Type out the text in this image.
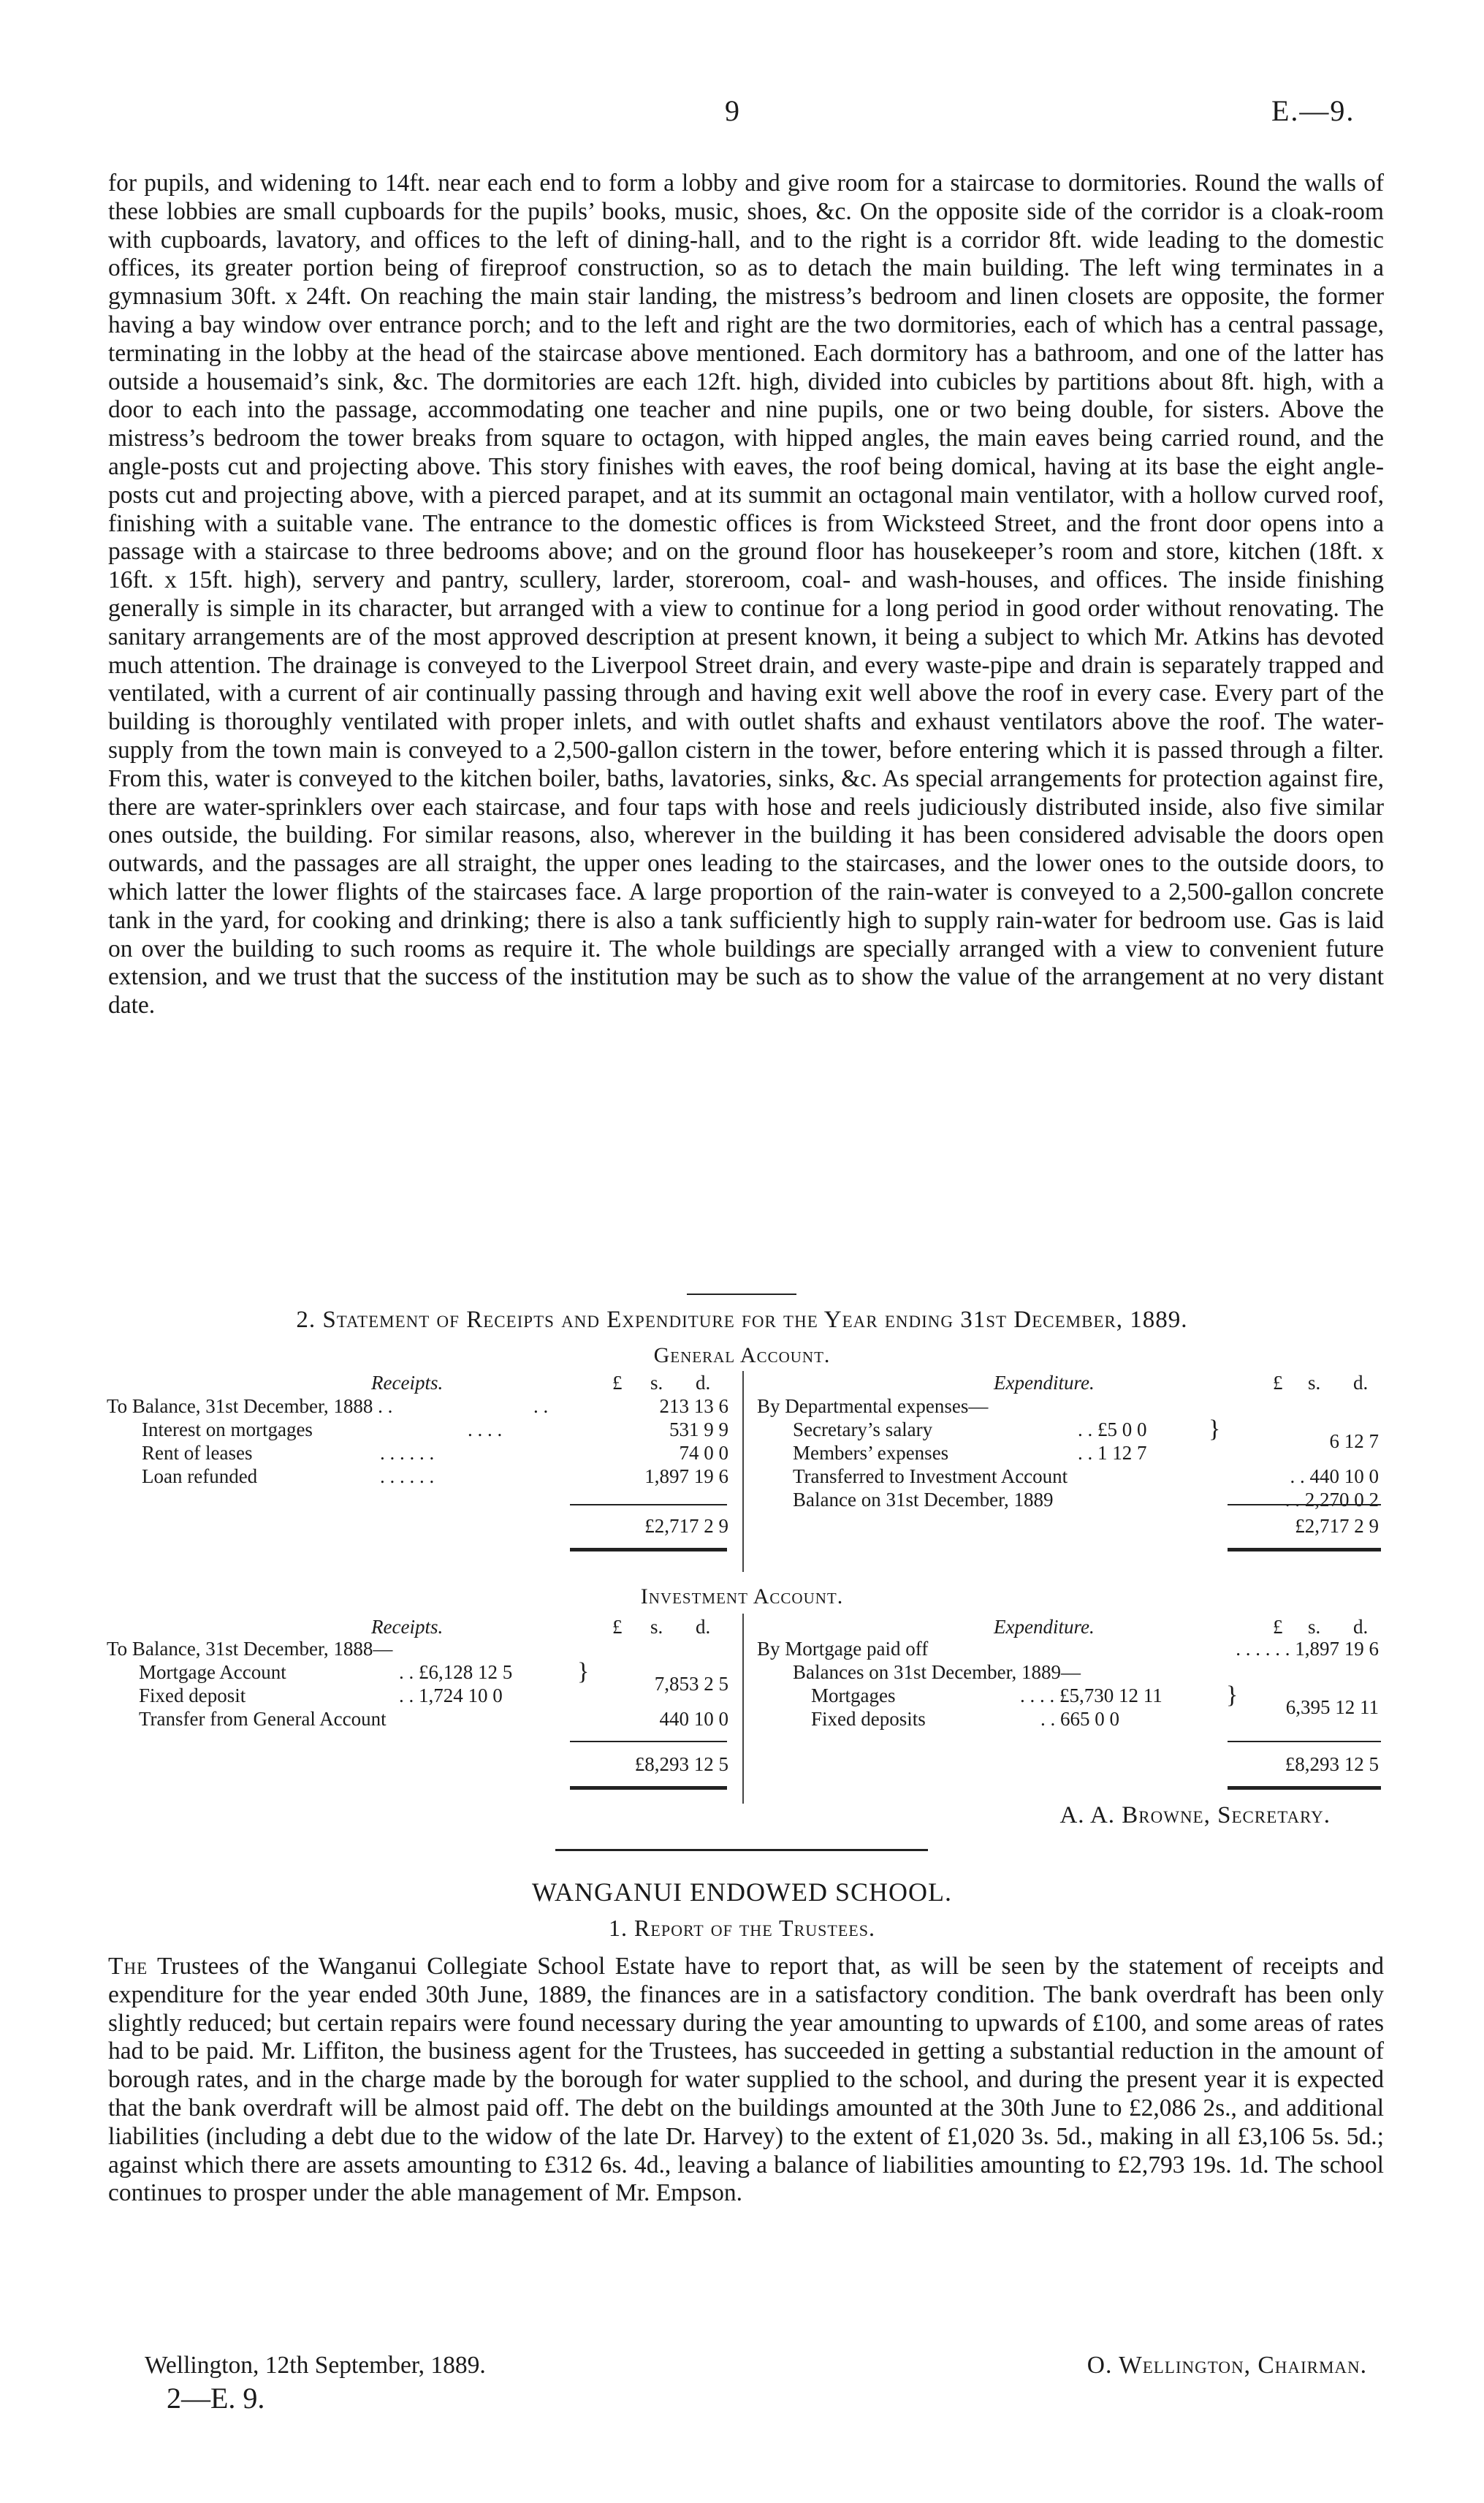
9	E.—9.

for pupils, and widening to 14ft. near each end to form a lobby and give room for a staircase to dormitories. Round the walls of these lobbies are small cupboards for the pupils’ books, music, shoes, &c. On the opposite side of the corridor is a cloak-room with cupboards, lavatory, and offices to the left of dining-hall, and to the right is a corridor 8ft. wide leading to the domestic offices, its greater portion being of fireproof construction, so as to detach the main building. The left wing terminates in a gymnasium 30ft. x 24ft. On reaching the main stair landing, the mistress’s bedroom and linen closets are opposite, the former having a bay window over entrance porch; and to the left and right are the two dormitories, each of which has a central passage, terminating in the lobby at the head of the staircase above mentioned. Each dormitory has a bathroom, and one of the latter has outside a housemaid’s sink, &c. The dormitories are each 12ft. high, divided into cubicles by partitions about 8ft. high, with a door to each into the passage, accommodating one teacher and nine pupils, one or two being double, for sisters. Above the mistress’s bedroom the tower breaks from square to octagon, with hipped angles, the main eaves being carried round, and the angle-posts cut and projecting above. This story finishes with eaves, the roof being domical, having at its base the eight angle-posts cut and projecting above, with a pierced parapet, and at its summit an octagonal main ventilator, with a hollow curved roof, finishing with a suitable vane. The entrance to the domestic offices is from Wicksteed Street, and the front door opens into a passage with a staircase to three bedrooms above; and on the ground floor has housekeeper’s room and store, kitchen (18ft. x 16ft. x 15ft. high), servery and pantry, scullery, larder, storeroom, coal- and wash-houses, and offices. The inside finishing generally is simple in its character, but arranged with a view to continue for a long period in good order without renovating. The sanitary arrangements are of the most approved description at present known, it being a subject to which Mr. Atkins has devoted much attention. The drainage is conveyed to the Liverpool Street drain, and every waste-pipe and drain is separately trapped and ventilated, with a current of air continually passing through and having exit well above the roof in every case. Every part of the building is thoroughly ventilated with proper inlets, and with outlet shafts and exhaust ventilators above the roof. The water-supply from the town main is conveyed to a 2,500-gallon cistern in the tower, before entering which it is passed through a filter. From this, water is conveyed to the kitchen boiler, baths, lavatories, sinks, &c. As special arrangements for protection against fire, there are water-sprinklers over each staircase, and four taps with hose and reels judiciously distributed inside, also five similar ones outside, the building. For similar reasons, also, wherever in the building it has been considered advisable the doors open outwards, and the passages are all straight, the upper ones leading to the staircases, and the lower ones to the outside doors, to which latter the lower flights of the staircases face. A large proportion of the rain-water is conveyed to a 2,500-gallon concrete tank in the yard, for cooking and drinking; there is also a tank sufficiently high to supply rain-water for bedroom use. Gas is laid on over the building to such rooms as require it. The whole buildings are specially arranged with a view to convenient future extension, and we trust that the success of the institution may be such as to show the value of the arrangement at no very distant date.

2. Statement of Receipts and Expenditure for the Year ending 31st December, 1889.
General Account.
Receipts.	£ s. d.
To Balance, 31st December, 1888 . .	. .	213 13 6
Interest on mortgages	. . . .	531 9 9
Rent of leases	. . . . . .	74 0 0
Loan refunded	. . . . . .	1,897 19 6
£2,717 2 9
Expenditure.	£ s. d.
By Departmental expenses—
Secretary’s salary	. . £5 0 0
Members’ expenses	. . 1 12 7
}	6 12 7
Transferred to Investment Account	. . 440 10 0
Balance on 31st December, 1889	. . 2,270 0 2
£2,717 2 9
Investment Account.
Receipts.	£ s. d.
To Balance, 31st December, 1888—
Mortgage Account	. . £6,128 12 5
Fixed deposit	. . 1,724 10 0
}	7,853 2 5
Transfer from General Account	440 10 0
£8,293 12 5
Expenditure.	£ s. d.
By Mortgage paid off	. . . . . . 1,897 19 6
Balances on 31st December, 1889—
Mortgages	. . . . £5,730 12 11
Fixed deposits	. . 665 0 0
} 6,395 12 11
£8,293 12 5
A. A. Browne, Secretary.
WANGANUI ENDOWED SCHOOL.
1. Report of the Trustees.

The Trustees of the Wanganui Collegiate School Estate have to report that, as will be seen by the statement of receipts and expenditure for the year ended 30th June, 1889, the finances are in a satisfactory condition. The bank overdraft has been only slightly reduced; but certain repairs were found necessary during the year amounting to upwards of £100, and some areas of rates had to be paid. Mr. Liffiton, the business agent for the Trustees, has succeeded in getting a substantial reduction in the amount of borough rates, and in the charge made by the borough for water supplied to the school, and during the present year it is expected that the bank overdraft will be almost paid off. The debt on the buildings amounted at the 30th June to £2,086 2s., and additional liabilities (including a debt due to the widow of the late Dr. Harvey) to the extent of £1,020 3s. 5d., making in all £3,106 5s. 5d.; against which there are assets amounting to £312 6s. 4d., leaving a balance of liabilities amounting to £2,793 19s. 1d. The school continues to prosper under the able management of Mr. Empson.

Wellington, 12th September, 1889.	O. Wellington, Chairman.
2—E. 9.
